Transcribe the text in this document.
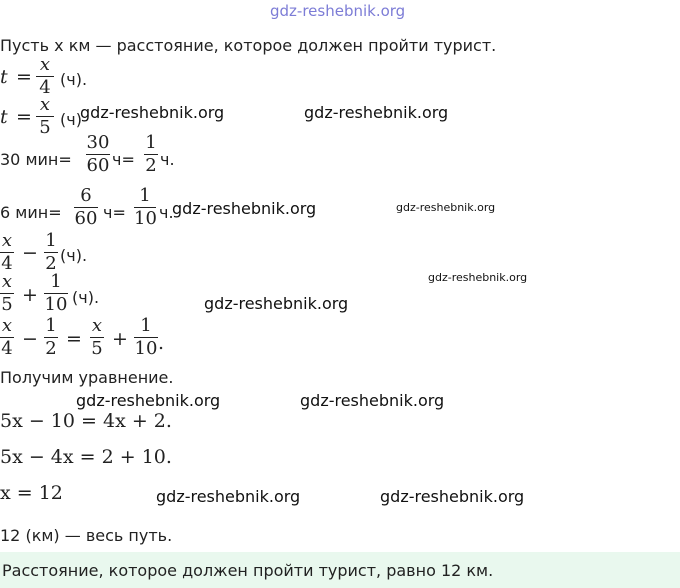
gdz-reshebnik.org
Пусть x км — расстояние, которое должен пройти турист.
t =
x
4 (ч).
t =
x
5 (ч)
gdz-reshebnik.org	gdz-reshebnik.org
30 мин=
30
60 ч=
1
2 ч.
6 мин=
6
60 ч=
1
10 ч.
gdz-reshebnik.org	gdz-reshebnik.org
x
4 −
1
2 (ч).
x
5 +
1
10 (ч).	gdz-reshebnik.org
gdz-reshebnik.org
x
4 −
1
2 =
x
5 +
1
10 .
Получим уравнение.
gdz-reshebnik.org	gdz-reshebnik.org
5x − 10 = 4x + 2.
5x − 4x = 2 + 10.
x = 12	gdz-reshebnik.org	gdz-reshebnik.org
12 (км) — весь путь.
Расстояние, которое должен пройти турист, равно 12 км.
